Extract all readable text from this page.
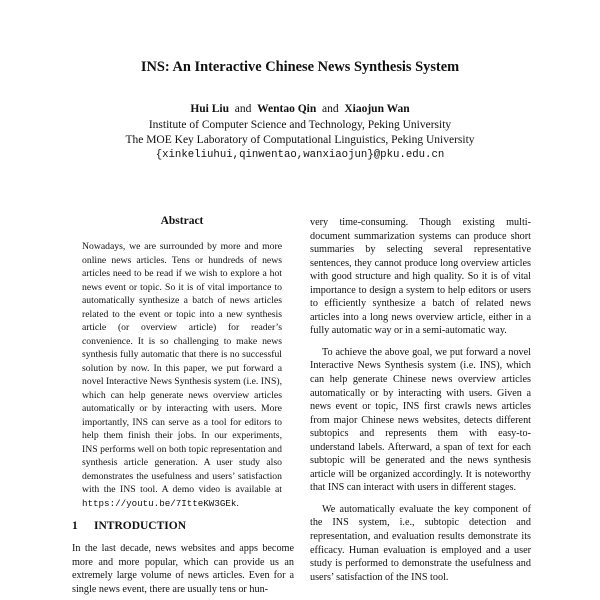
INS: An Interactive Chinese News Synthesis System
Hui Liu and Wentao Qin and Xiaojun Wan
Institute of Computer Science and Technology, Peking University
The MOE Key Laboratory of Computational Linguistics, Peking University
{xinkeliuhui,qinwentao,wanxiaojun}@pku.edu.cn
Abstract

Nowadays, we are surrounded by more and more online news articles. Tens or hundreds of news articles need to be read if we wish to explore a hot news event or topic. So it is of vital importance to automatically synthesize a batch of news articles related to the event or topic into a new synthesis article (or overview article) for reader’s convenience. It is so challenging to make news synthesis fully automatic that there is no successful solution by now. In this paper, we put forward a novel Interactive News Synthesis system (i.e. INS), which can help generate news overview articles automatically or by interacting with users. More importantly, INS can serve as a tool for editors to help them finish their jobs. In our experiments, INS performs well on both topic representation and synthesis article generation. A user study also demonstrates the usefulness and users’ satisfaction with the INS tool. A demo video is available at https://youtu.be/7ItteKW3GEk.

1 INTRODUCTION

In the last decade, news websites and apps become more and more popular, which can provide us an extremely large volume of news articles. Even for a single news event, there are usually tens or hun-

very time-consuming. Though existing multi-document summarization systems can produce short summaries by selecting several representative sentences, they cannot produce long overview articles with good structure and high quality. So it is of vital importance to design a system to help editors or users to efficiently synthesize a batch of related news articles into a long news overview article, either in a fully automatic way or in a semi-automatic way.

To achieve the above goal, we put forward a novel Interactive News Synthesis system (i.e. INS), which can help generate Chinese news overview articles automatically or by interacting with users. Given a news event or topic, INS first crawls news articles from major Chinese news websites, detects different subtopics and represents them with easy-to-understand labels. Afterward, a span of text for each subtopic will be generated and the news synthesis article will be organized accordingly. It is noteworthy that INS can interact with users in different stages.

We automatically evaluate the key component of the INS system, i.e., subtopic detection and representation, and evaluation results demonstrate its efficacy. Human evaluation is employed and a user study is performed to demonstrate the usefulness and users’ satisfaction of the INS tool.
